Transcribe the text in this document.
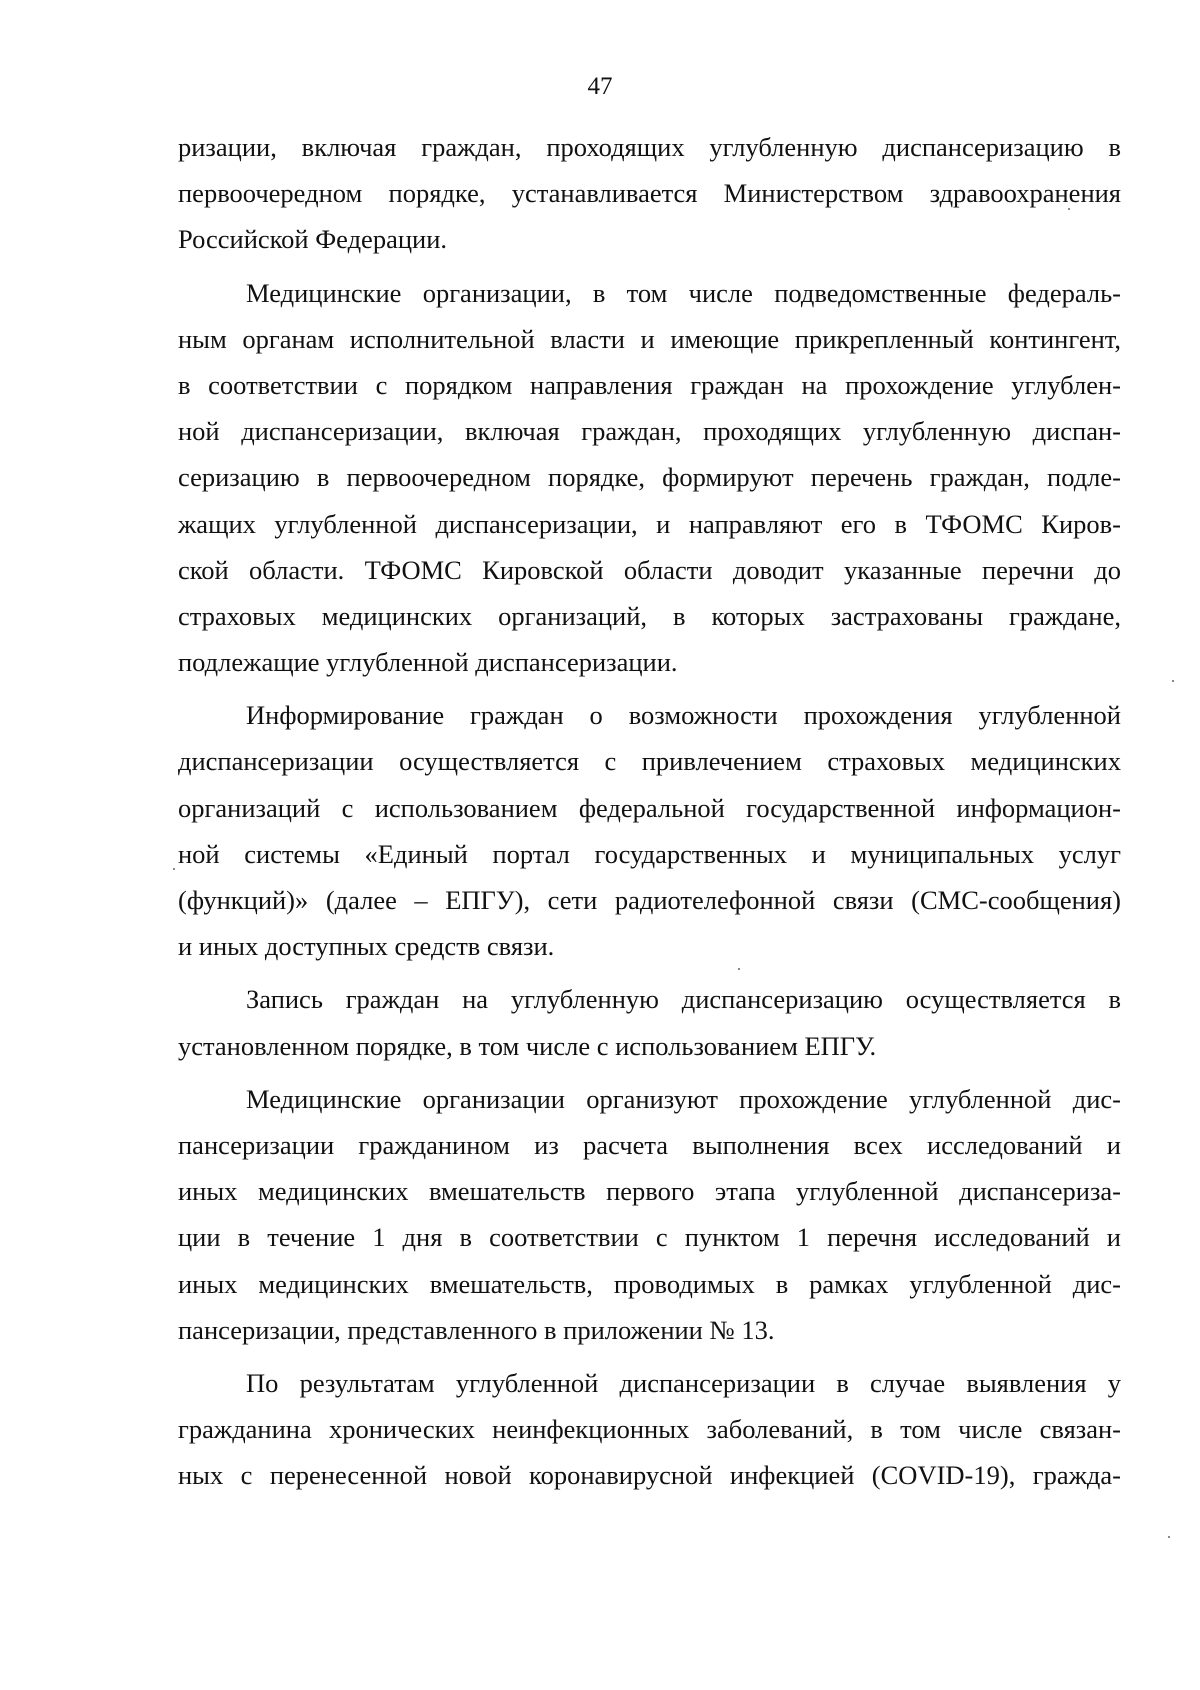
47
ризации, включая граждан, проходящих углубленную диспансеризацию в
первоочередном порядке, устанавливается Министерством здравоохранения
Российской Федерации.
Медицинские организации, в том числе подведомственные федераль-
ным органам исполнительной власти и имеющие прикрепленный контингент,
в соответствии с порядком направления граждан на прохождение углублен-
ной диспансеризации, включая граждан, проходящих углубленную диспан-
серизацию в первоочередном порядке, формируют перечень граждан, подле-
жащих углубленной диспансеризации, и направляют его в ТФОМС Киров-
ской области. ТФОМС Кировской области доводит указанные перечни до
страховых медицинских организаций, в которых застрахованы граждане,
подлежащие углубленной диспансеризации.
Информирование граждан о возможности прохождения углубленной
диспансеризации осуществляется с привлечением страховых медицинских
организаций с использованием федеральной государственной информацион-
ной системы «Единый портал государственных и муниципальных услуг
(функций)» (далее – ЕПГУ), сети радиотелефонной связи (СМС-сообщения)
и иных доступных средств связи.
Запись граждан на углубленную диспансеризацию осуществляется в
установленном порядке, в том числе с использованием ЕПГУ.
Медицинские организации организуют прохождение углубленной дис-
пансеризации гражданином из расчета выполнения всех исследований и
иных медицинских вмешательств первого этапа углубленной диспансериза-
ции в течение 1 дня в соответствии с пунктом 1 перечня исследований и
иных медицинских вмешательств, проводимых в рамках углубленной дис-
пансеризации, представленного в приложении № 13.
По результатам углубленной диспансеризации в случае выявления у
гражданина хронических неинфекционных заболеваний, в том числе связан-
ных с перенесенной новой коронавирусной инфекцией (COVID-19), гражда-
